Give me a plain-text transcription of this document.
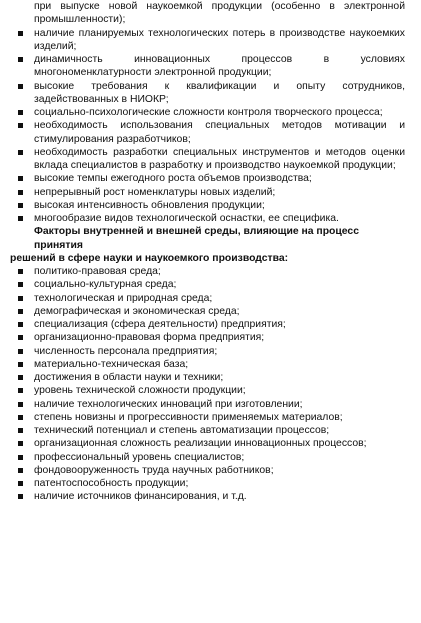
при выпуске новой наукоемкой продукции (особенно в электронной промышленности);
наличие планируемых технологических потерь в производстве наукоемких изделий;
динамичность инновационных процессов в условиях многономенклатурности электронной продукции;
высокие требования к квалификации и опыту сотрудников, задействованных в НИОКР;
социально-психологические сложности контроля творческого процесса;
необходимость использования специальных методов мотивации и стимулирования разработчиков;
необходимость разработки специальных инструментов и методов оценки вклада специалистов в разработку и производство наукоемкой продукции;
высокие темпы ежегодного роста объемов производства;
непрерывный рост номенклатуры новых изделий;
высокая интенсивность обновления продукции;
многообразие видов технологической оснастки, ее специфика.
Факторы внутренней и внешней среды, влияющие на процесс принятия
решений в сфере науки и наукоемкого производства:
политико-правовая среда;
социально-культурная среда;
технологическая и природная среда;
демографическая и экономическая среда;
специализация (сфера деятельности) предприятия;
организационно-правовая форма предприятия;
численность персонала предприятия;
материально-техническая база;
достижения в области науки и техники;
уровень технической сложности продукции;
наличие технологических инноваций при изготовлении;
степень новизны и прогрессивности применяемых материалов;
технический потенциал и степень автоматизации процессов;
организационная сложность реализации инновационных процессов;
профессиональный уровень специалистов;
фондовооруженность труда научных работников;
патентоспособность продукции;
наличие источников финансирования, и т.д.
